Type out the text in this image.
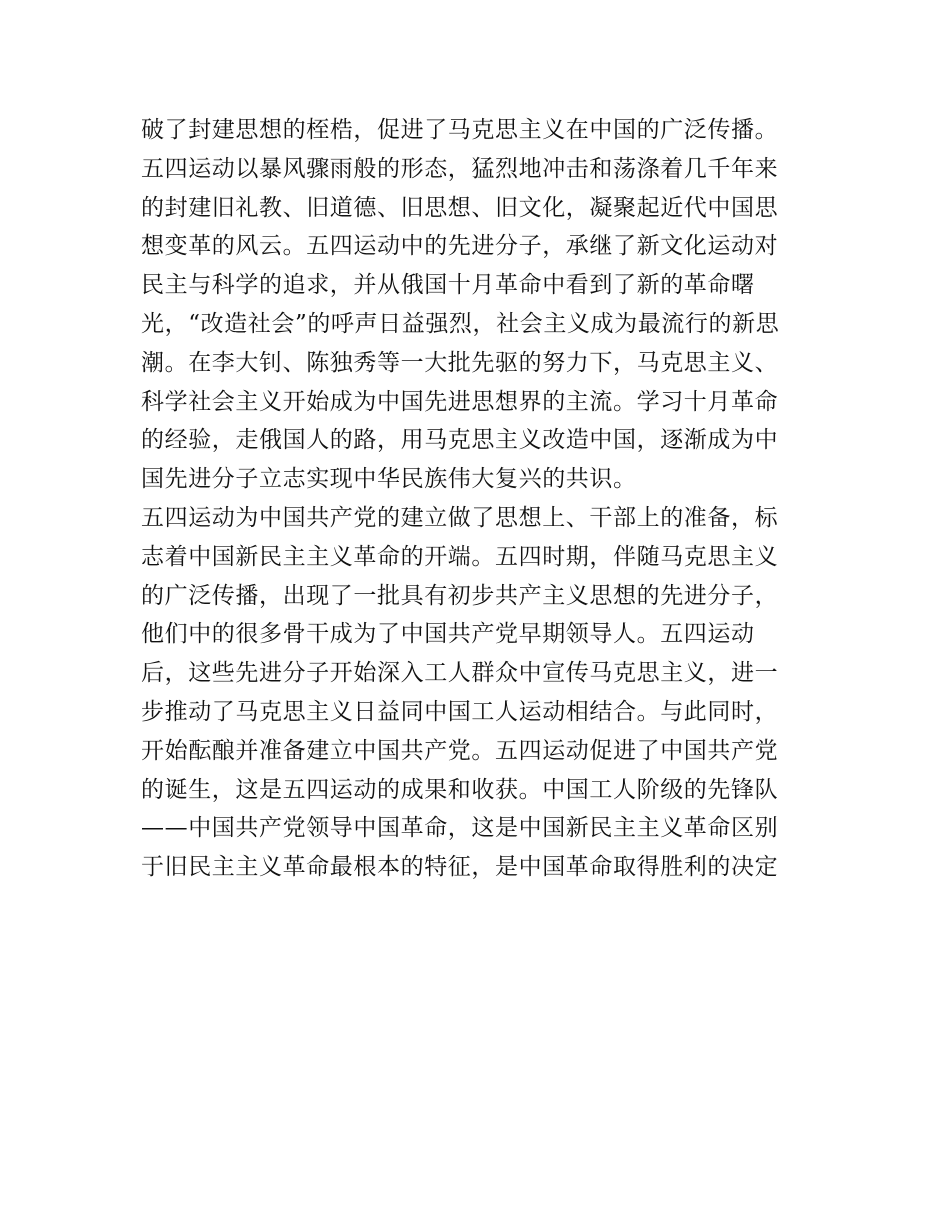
破了封建思想的桎梏，促进了马克思主义在中国的广泛传播。
五四运动以暴风骤雨般的形态，猛烈地冲击和荡涤着几千年来
的封建旧礼教、旧道德、旧思想、旧文化，凝聚起近代中国思
想变革的风云。五四运动中的先进分子，承继了新文化运动对
民主与科学的追求，并从俄国十月革命中看到了新的革命曙
光，“改造社会”的呼声日益强烈，社会主义成为最流行的新思
潮。在李大钊、陈独秀等一大批先驱的努力下，马克思主义、
科学社会主义开始成为中国先进思想界的主流。学习十月革命
的经验，走俄国人的路，用马克思主义改造中国，逐渐成为中
国先进分子立志实现中华民族伟大复兴的共识。
五四运动为中国共产党的建立做了思想上、干部上的准备，标
志着中国新民主主义革命的开端。五四时期，伴随马克思主义
的广泛传播，出现了一批具有初步共产主义思想的先进分子，
他们中的很多骨干成为了中国共产党早期领导人。五四运动
后，这些先进分子开始深入工人群众中宣传马克思主义，进一
步推动了马克思主义日益同中国工人运动相结合。与此同时，
开始酝酿并准备建立中国共产党。五四运动促进了中国共产党
的诞生，这是五四运动的成果和收获。中国工人阶级的先锋队
——中国共产党领导中国革命，这是中国新民主主义革命区别
于旧民主主义革命最根本的特征，是中国革命取得胜利的决定
